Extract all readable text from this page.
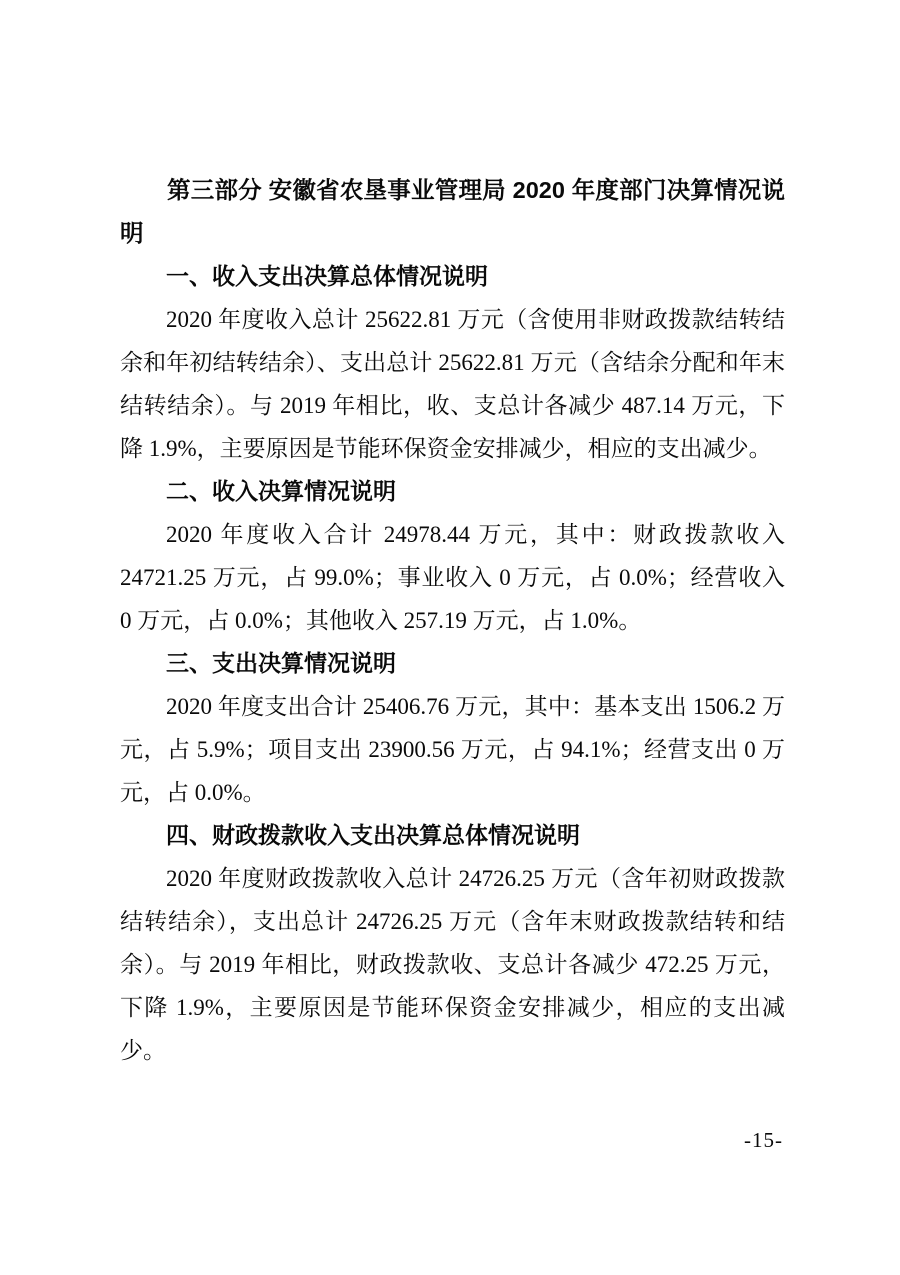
第三部分 安徽省农垦事业管理局 2020 年度部门决算情况说明

一、收入支出决算总体情况说明

2020 年度收入总计 25622.81 万元（含使用非财政拨款结转结余和年初结转结余）、支出总计 25622.81 万元（含结余分配和年末结转结余）。与 2019 年相比，收、支总计各减少 487.14 万元，下降 1.9%，主要原因是节能环保资金安排减少，相应的支出减少。

二、收入决算情况说明

2020 年度收入合计 24978.44 万元，其中：财政拨款收入 24721.25 万元，占 99.0%；事业收入 0 万元，占 0.0%；经营收入 0 万元，占 0.0%；其他收入 257.19 万元，占 1.0%。

三、支出决算情况说明

2020 年度支出合计 25406.76 万元，其中：基本支出 1506.2 万元，占 5.9%；项目支出 23900.56 万元，占 94.1%；经营支出 0 万元，占 0.0%。

四、财政拨款收入支出决算总体情况说明

2020 年度财政拨款收入总计 24726.25 万元（含年初财政拨款结转结余），支出总计 24726.25 万元（含年末财政拨款结转和结余）。与 2019 年相比，财政拨款收、支总计各减少 472.25 万元，下降 1.9%，主要原因是节能环保资金安排减少，相应的支出减少。

-15-
